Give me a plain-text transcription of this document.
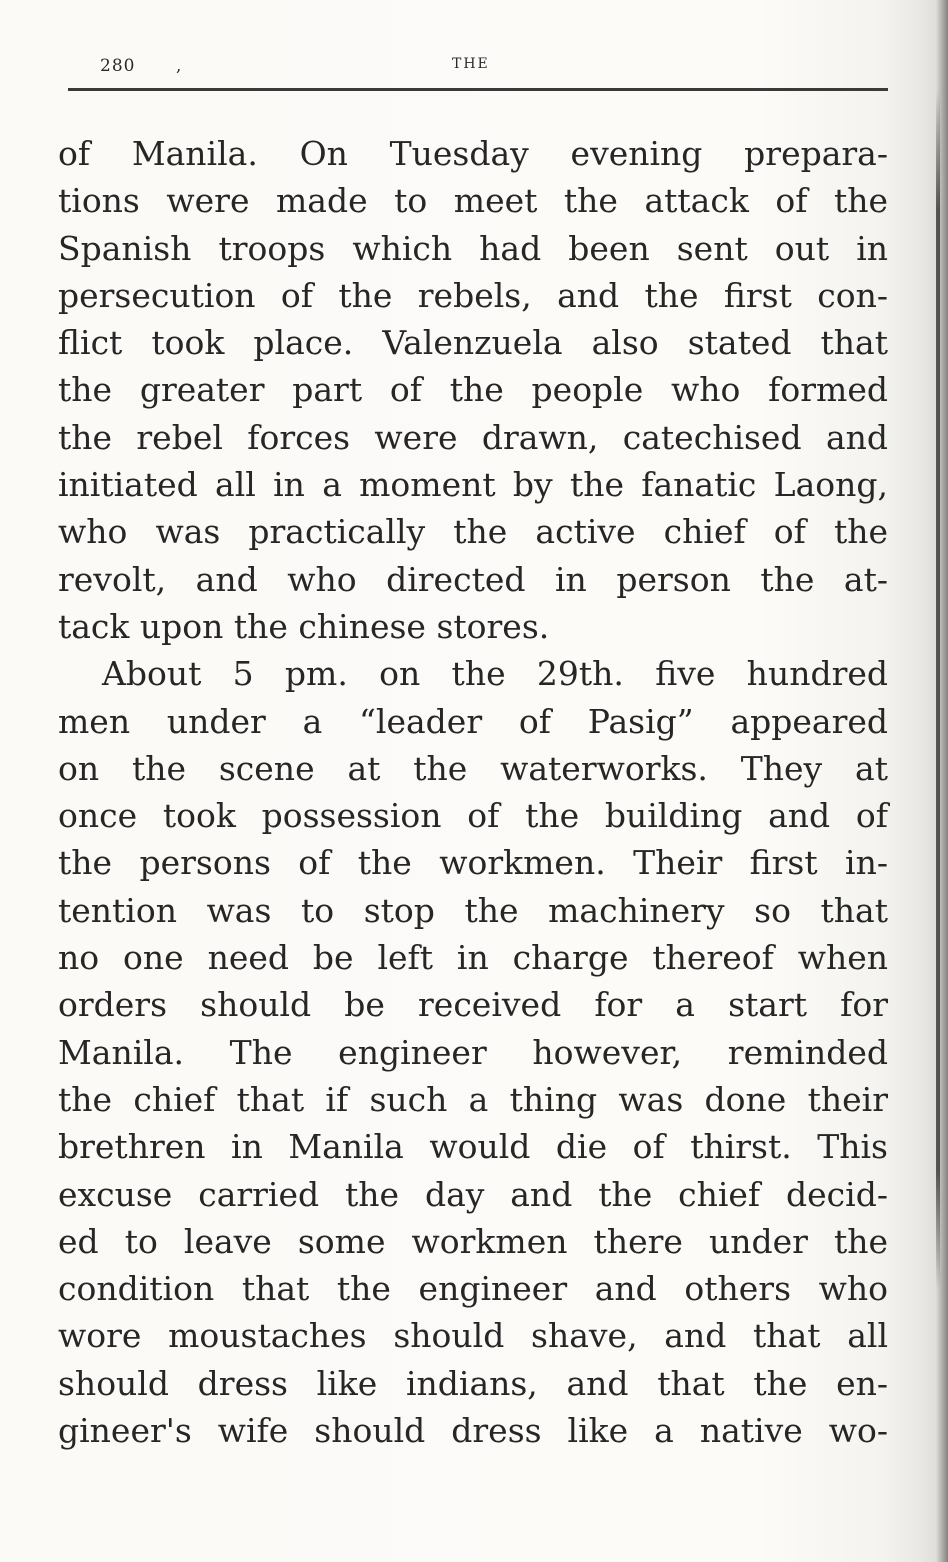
280 ,	THE
of Manila. On Tuesday evening prepara-
tions were made to meet the attack of the
Spanish troops which had been sent out in
persecution of the rebels, and the first con-
flict took place. Valenzuela also stated that
the greater part of the people who formed
the rebel forces were drawn, catechised and
initiated all in a moment by the fanatic Laong,
who was practically the active chief of the
revolt, and who directed in person the at-
tack upon the chinese stores.
About 5 pm. on the 29th. five hundred
men under a “leader of Pasig” appeared
on the scene at the waterworks. They at
once took possession of the building and of
the persons of the workmen. Their first in-
tention was to stop the machinery so that
no one need be left in charge thereof when
orders should be received for a start for
Manila. The engineer however, reminded
the chief that if such a thing was done their
brethren in Manila would die of thirst. This
excuse carried the day and the chief decid-
ed to leave some workmen there under the
condition that the engineer and others who
wore moustaches should shave, and that all
should dress like indians, and that the en-
gineer's wife should dress like a native wo-
